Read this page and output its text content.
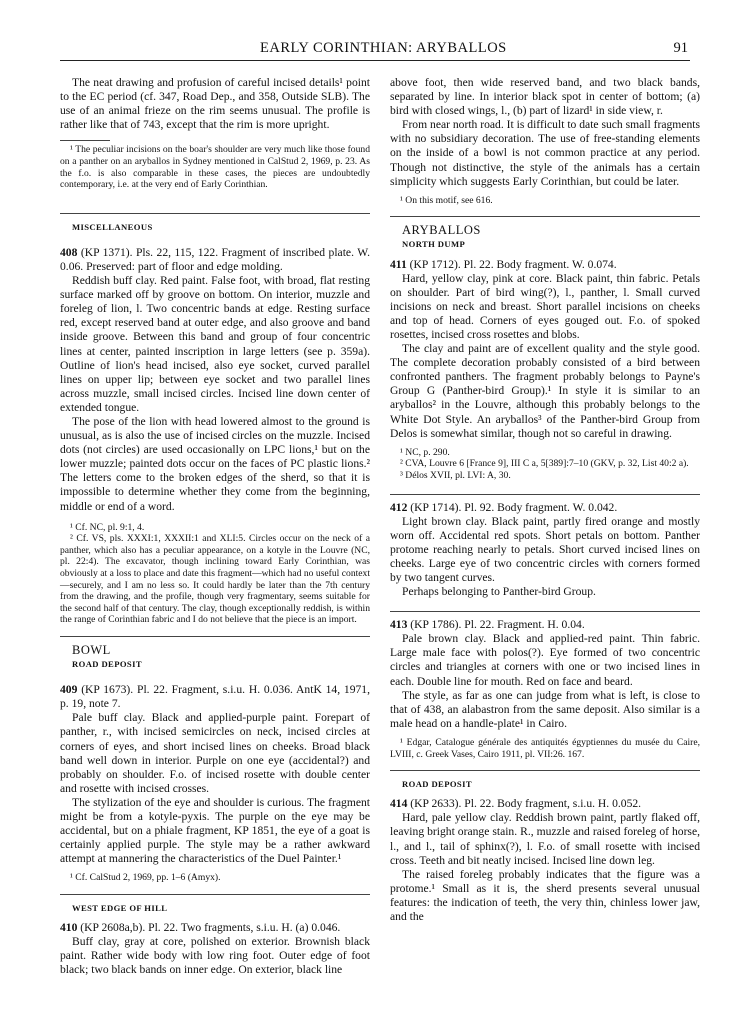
EARLY CORINTHIAN: ARYBALLOS	91

The neat drawing and profusion of careful incised details¹ point to the EC period (cf. 347, Road Dep., and 358, Outside SLB). The use of an animal frieze on the rim seems unusual. The profile is rather like that of 743, except that the rim is more upright.

¹ The peculiar incisions on the boar's shoulder are very much like those found on a panther on an aryballos in Sydney mentioned in CalStud 2, 1969, p. 23. As the f.o. is also comparable in these cases, the pieces are undoubtedly contemporary, i.e. at the very end of Early Corinthian.

MISCELLANEOUS

408 (KP 1371). Pls. 22, 115, 122. Fragment of inscribed plate. W. 0.06. Preserved: part of floor and edge molding.

Reddish buff clay. Red paint. False foot, with broad, flat resting surface marked off by groove on bottom. On interior, muzzle and foreleg of lion, l. Two concentric bands at edge. Resting surface red, except reserved band at outer edge, and also groove and band inside groove. Between this band and group of four concentric lines at center, painted inscription in large letters (see p. 359a). Outline of lion's head incised, also eye socket, curved parallel lines on upper lip; between eye socket and two parallel lines across muzzle, small incised circles. Incised line down center of extended tongue.

The pose of the lion with head lowered almost to the ground is unusual, as is also the use of incised circles on the muzzle. Incised dots (not circles) are used occasionally on LPC lions,¹ but on the lower muzzle; painted dots occur on the faces of PC plastic lions.² The letters come to the broken edges of the sherd, so that it is impossible to determine whether they come from the beginning, middle or end of a word.

¹ Cf. NC, pl. 9:1, 4.

² Cf. VS, pls. XXXI:1, XXXII:1 and XLI:5. Circles occur on the neck of a panther, which also has a peculiar appearance, on a kotyle in the Louvre (NC, pl. 22:4). The excavator, though inclining toward Early Corinthian, was obviously at a loss to place and date this fragment—which had no useful context—securely, and I am no less so. It could hardly be later than the 7th century from the drawing, and the profile, though very fragmentary, seems suitable for the second half of that century. The clay, though exceptionally reddish, is within the range of Corinthian fabric and I do not believe that the piece is an import.

BOWL

ROAD DEPOSIT

409 (KP 1673). Pl. 22. Fragment, s.i.u. H. 0.036. AntK 14, 1971, p. 19, note 7.

Pale buff clay. Black and applied-purple paint. Forepart of panther, r., with incised semicircles on neck, incised circles at corners of eyes, and short incised lines on cheeks. Broad black band well down in interior. Purple on one eye (accidental?) and probably on shoulder. F.o. of incised rosette with double center and rosette with incised crosses.

The stylization of the eye and shoulder is curious. The fragment might be from a kotyle-pyxis. The purple on the eye may be accidental, but on a phiale fragment, KP 1851, the eye of a goat is certainly applied purple. The style may be a rather awkward attempt at mannering the characteristics of the Duel Painter.¹

¹ Cf. CalStud 2, 1969, pp. 1–6 (Amyx).

WEST EDGE OF HILL

410 (KP 2608a,b). Pl. 22. Two fragments, s.i.u. H. (a) 0.046.

Buff clay, gray at core, polished on exterior. Brownish black paint. Rather wide body with low ring foot. Outer edge of foot black; two black bands on inner edge. On exterior, black line

above foot, then wide reserved band, and two black bands, separated by line. In interior black spot in center of bottom; (a) bird with closed wings, l., (b) part of lizard¹ in side view, r.

From near north road. It is difficult to date such small fragments with no subsidiary decoration. The use of free-standing elements on the inside of a bowl is not common practice at any period. Though not distinctive, the style of the animals has a certain simplicity which suggests Early Corinthian, but could be later.

¹ On this motif, see 616.

ARYBALLOS

NORTH DUMP

411 (KP 1712). Pl. 22. Body fragment. W. 0.074.

Hard, yellow clay, pink at core. Black paint, thin fabric. Petals on shoulder. Part of bird wing(?), l., panther, l. Small curved incisions on neck and breast. Short parallel incisions on cheeks and top of head. Corners of eyes gouged out. F.o. of spoked rosettes, incised cross rosettes and blobs.

The clay and paint are of excellent quality and the style good. The complete decoration probably consisted of a bird between confronted panthers. The fragment probably belongs to Payne's Group G (Panther-bird Group).¹ In style it is similar to an aryballos² in the Louvre, although this probably belongs to the White Dot Style. An aryballos³ of the Panther-bird Group from Delos is somewhat similar, though not so careful in drawing.

¹ NC, p. 290.

² CVA, Louvre 6 [France 9], III C a, 5[389]:7–10 (GKV, p. 32, List 40:2 a).

³ Délos XVII, pl. LVI: A, 30.

412 (KP 1714). Pl. 92. Body fragment. W. 0.042.

Light brown clay. Black paint, partly fired orange and mostly worn off. Accidental red spots. Short petals on bottom. Panther protome reaching nearly to petals. Short curved incised lines on cheeks. Large eye of two concentric circles with corners formed by two tangent curves.

Perhaps belonging to Panther-bird Group.

413 (KP 1786). Pl. 22. Fragment. H. 0.04.

Pale brown clay. Black and applied-red paint. Thin fabric. Large male face with polos(?). Eye formed of two concentric circles and triangles at corners with one or two incised lines in each. Double line for mouth. Red on face and beard.

The style, as far as one can judge from what is left, is close to that of 438, an alabastron from the same deposit. Also similar is a male head on a handle-plate¹ in Cairo.

¹ Edgar, Catalogue générale des antiquités égyptiennes du musée du Caire, LVIII, c. Greek Vases, Cairo 1911, pl. VII:26. 167.

ROAD DEPOSIT

414 (KP 2633). Pl. 22. Body fragment, s.i.u. H. 0.052.

Hard, pale yellow clay. Reddish brown paint, partly flaked off, leaving bright orange stain. R., muzzle and raised foreleg of horse, l., and l., tail of sphinx(?), l. F.o. of small rosette with incised cross. Teeth and bit neatly incised. Incised line down leg.

The raised foreleg probably indicates that the figure was a protome.¹ Small as it is, the sherd presents several unusual features: the indication of teeth, the very thin, chinless lower jaw, and the
